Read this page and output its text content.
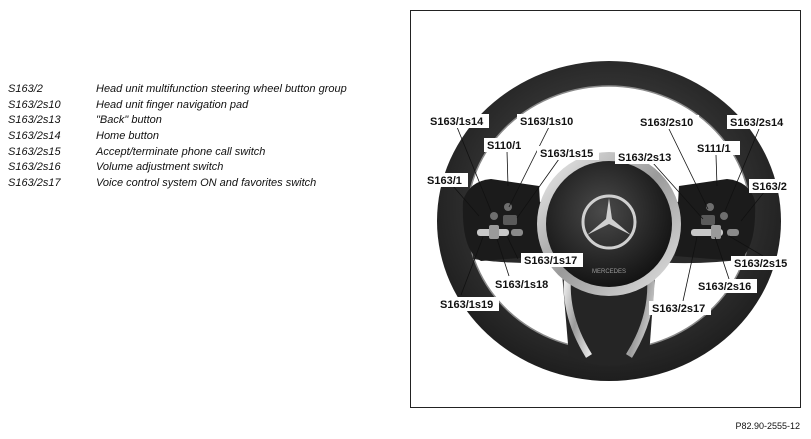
S163/2	Head unit multifunction steering wheel button group
S163/2s10	Head unit finger navigation pad
S163/2s13	"Back" button
S163/2s14	Home button
S163/2s15	Accept/terminate phone call switch
S163/2s16	Volume adjustment switch
S163/2s17	Voice control system ON and favorites switch
MERCEDES
S163/1s14	S163/1s10
S110/1
S163/1s15
S163/1
S163/1s17
S163/1s18
S163/1s19
S163/2s10	S163/2s14
S111/1
S163/2s13
S163/2
S163/2s15
S163/2s16
S163/2s17
P82.90-2555-12
